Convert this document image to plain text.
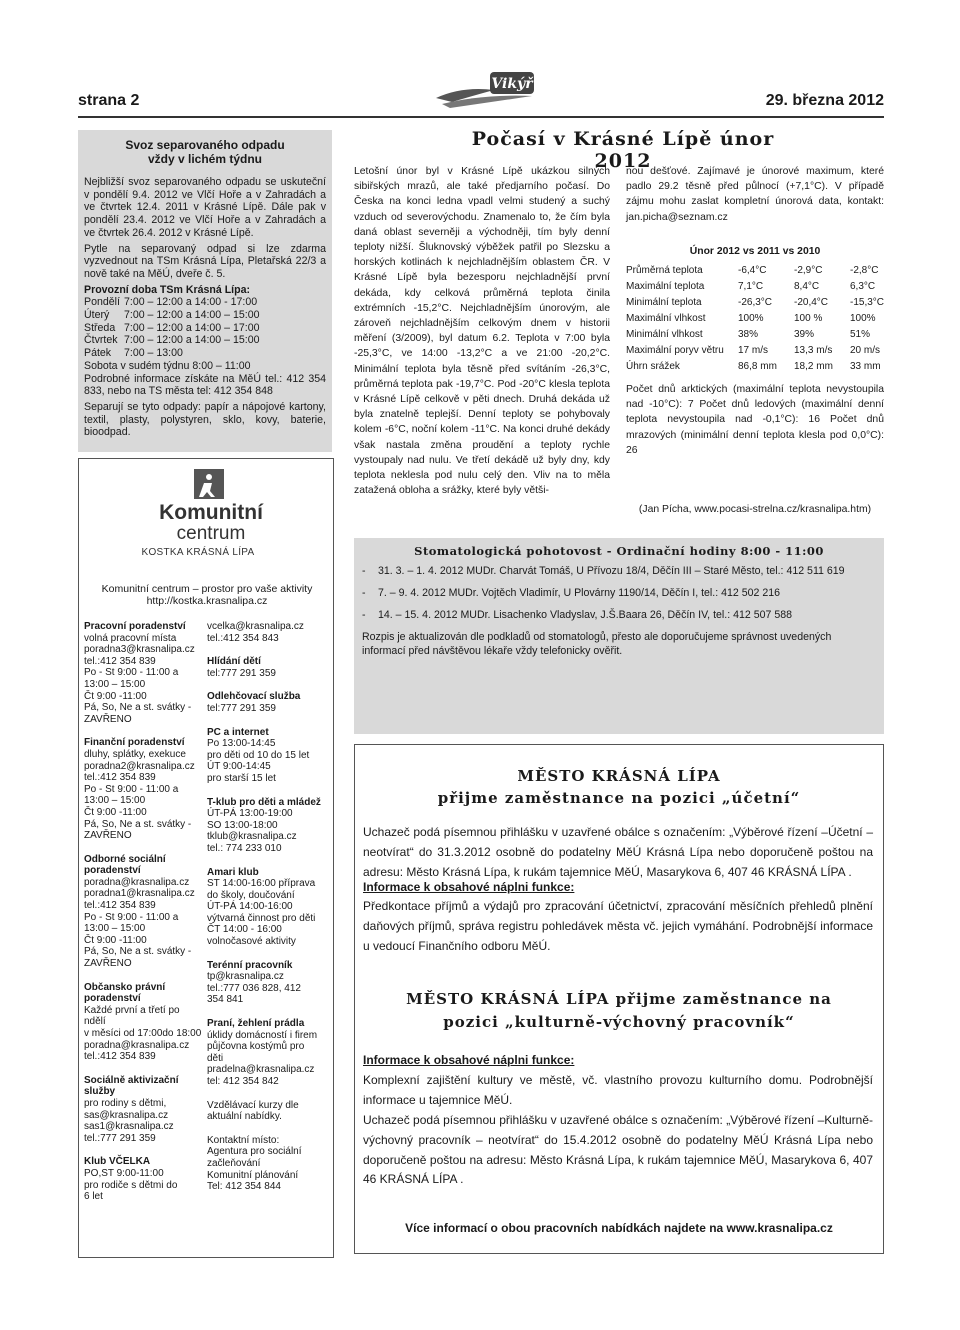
strana 2
Vikýř
29. března 2012
Svoz separovaného odpadu
vždy v lichém týdnu

Nejbližší svoz separovaného odpadu se uskuteční v pondělí 9.4. 2012 ve Vlčí Hoře a v Zahradách a ve čtvrtek 12.4. 2011 v Krásné Lípě. Dále pak v pondělí 23.4. 2012 ve Vlčí Hoře a v Zahradách a ve čtvrtek 26.4. 2012 v Krásné Lípě.

Pytle na separovaný odpad si lze zdarma vyzvednout na TSm Krásná Lípa, Pletařská 22/3 a nově také na MěÚ, dveře č. 5.

Provozní doba TSm Krásná Lípa:
Pondělí 7:00 – 12:00 a 14:00 - 17:00
Úterý	7:00 – 12:00 a 14:00 – 15:00
Středa 7:00 – 12:00 a 14:00 – 17:00
Čtvrtek 7:00 – 12:00 a 14:00 – 15:00
Pátek	7:00 – 13:00
Sobota v sudém týdnu 8:00 – 11:00

Podrobné informace získáte na MěÚ tel.: 412 354 833, nebo na TS města tel: 412 354 848

Separují se tyto odpady: papír a nápojové kartony, textil, plasty, polystyren, sklo, kovy, baterie, bioodpad.

Komunitní
centrum
KOSTKA KRÁSNÁ LÍPA
Komunitní centrum – prostor pro vaše aktivity
http://kostka.krasnalipa.cz
Pracovní poradenství
volná pracovní místa
poradna3@krasnalipa.cz
tel.:412 354 839
Po - St 9:00 - 11:00 a
13:00 – 15:00
Čt 9:00 -11:00
Pá, So, Ne a st. svátky -
ZAVŘENO
Finanční poradenství
dluhy, splátky, exekuce
poradna2@krasnalipa.cz
tel.:412 354 839
Po - St 9:00 - 11:00 a
13:00 – 15:00
Čt 9:00 -11:00
Pá, So, Ne a st. svátky -
ZAVŘENO
Odborné sociální poradenství
poradna@krasnalipa.cz
poradna1@krasnalipa.cz
tel.:412 354 839
Po - St 9:00 - 11:00 a
13:00 – 15:00
Čt 9:00 -11:00
Pá, So, Ne a st. svátky -
ZAVŘENO
Občansko právní poradenství
Každé první a třetí po
ndělí
v měsíci od 17:00do 18:00
poradna@krasnalipa.cz
tel.:412 354 839
Sociálně aktivizační služby
pro rodiny s dětmi,
sas@krasnalipa.cz
sas1@krasnalipa.cz
tel.:777 291 359
Klub VČELKA
PO,ST 9:00-11:00
pro rodiče s dětmi do
6 let
vcelka@krasnalipa.cz
tel.:412 354 843
Hlídání dětí
tel:777 291 359
Odlehčovací služba
tel:777 291 359
PC a internet
Po 13:00-14:45
pro děti od 10 do 15 let
ÚT 9:00-14:45
pro starší 15 let
T-klub pro děti a mládež
ÚT-PÁ 13:00-19:00
SO 13:00-18:00
tklub@krasnalipa.cz
tel.: 774 233 010
Amari klub
ST 14:00-16:00 příprava
do školy, doučování
ÚT-PÁ 14:00-16:00
výtvarná činnost pro děti
ČT 14:00 - 16:00
volnočasové aktivity
Terénní pracovník
tp@krasnalipa.cz
tel.:777 036 828, 412
354 841
Praní, žehlení prádla
úklidy domácností i firem
půjčovna kostýmů pro
děti
pradelna@krasnalipa.cz
tel: 412 354 842
Vzdělávací kurzy dle
aktuální nabídky.
Kontaktní místo:
Agentura pro sociální
začleňování
Komunitní plánování
Tel: 412 354 844
Počasí v Krásné Lípě únor 2012
Letošní únor byl v Krásné Lípě ukázkou silných sibiřských mrazů, ale také předjarního počasí. Do Česka na konci ledna vpadl velmi studený a suchý vzduch od severovýchodu. Znamenalo to, že čím byla daná oblast severněji a východněji, tím byly denní teploty nižší. Šluknovský výběžek patřil po Slezsku a horských kotlinách k nejchladnějším oblastem ČR. V Krásné Lípě byla bezesporu nejchladnější první dekáda, kdy celková průměrná teplota činila extrémních -15,2°C. Nejchladnějším únorovým, ale zároveň nejchladnějším celkovým dnem v historii měření (3/2009), byl datum 6.2. Teplota v 7:00 byla -25,3°C, ve 14:00 -13,2°C a ve 21:00 -20,2°C. Minimální teplota byla těsně před svítáním -26,3°C, průměrná teplota pak -19,7°C. Pod -20°C klesla teplota v Krásné Lípě celkově v pěti dnech. Druhá dekáda už byla znatelně teplejší. Denní teploty se pohybovaly kolem -6°C, noční kolem -11°C. Na konci druhé dekády však nastala změna proudění a teploty rychle vystoupaly nad nulu. Ve třetí dekádě už byly dny, kdy teplota neklesla pod nulu celý den. Vliv na to měla zatažená obloha a srážky, které byly větši-
nou dešťové. Zajímavé je únorové maximum, které padlo 29.2 těsně před půlnocí (+7,1°C). V případě zájmu mohu zaslat kompletní únorová data, kontakt: jan.picha@seznam.cz
Únor 2012 vs 2011 vs 2010
Průměrná teplota	-6,4°C	-2,9°C	-2,8°C
Maximální teplota	7,1°C	8,4°C	6,3°C
Minimální teplota	-26,3°C	-20,4°C	-15,3°C
Maximální vlhkost	100%	100 %	100%
Minimální vlhkost	38%	39%	51%
Maximální poryv větru	17 m/s	13,3 m/s	20 m/s
Úhrn srážek	86,8 mm	18,2 mm	33 mm
Počet dnů arktických (maximální teplota nevystoupila nad -10°C): 7 Počet dnů ledových (maximální denní teplota nevystoupila nad -0,1°C): 16 Počet dnů mrazových (minimální denní teplota klesla pod 0,0°C): 26
(Jan Pícha, www.pocasi-strelna.cz/krasnalipa.htm)
Stomatologická pohotovost - Ordinační hodiny 8:00 - 11:00
-	31. 3. – 1. 4. 2012 MUDr. Charvát Tomáš, U Přívozu 18/4, Děčín III – Staré Město, tel.: 412 511 619
-	7. – 9. 4. 2012 MUDr. Vojtěch Vladimír, U Plovárny 1190/14, Děčín I, tel.: 412 502 216
-	14. – 15. 4. 2012 MUDr. Lisachenko Vladyslav, J.Š.Baara 26, Děčín IV, tel.: 412 507 588
Rozpis je aktualizován dle podkladů od stomatologů, přesto ale doporučujeme správnost uvedených informací před návštěvou lékaře vždy telefonicky ověřit.
MĚSTO KRÁSNÁ LÍPA
přijme zaměstnance na pozici „účetní“
Uchazeč podá písemnou přihlášku v uzavřené obálce s označením: „Výběrové řízení –Účetní – neotvírat“ do 31.3.2012 osobně do podatelny MěÚ Krásná Lípa nebo doporučeně poštou na adresu: Město Krásná Lípa, k rukám tajemnice MěÚ, Masarykova 6, 407 46 KRÁSNÁ LÍPA .
Informace k obsahové náplni funkce:
Předkontace příjmů a výdajů pro zpracování účetnictví, zpracování měsíčních přehledů plnění daňových příjmů, správa registru pohledávek města vč. jejich vymáhání. Podrobnější informace u vedoucí Finančního odboru MěÚ.
MĚSTO KRÁSNÁ LÍPA přijme zaměstnance na
pozici „kulturně-výchovný pracovník“
Informace k obsahové náplni funkce:
Komplexní zajištění kultury ve městě, vč. vlastního provozu kulturního domu. Podrobnější informace u tajemnice MěÚ.
Uchazeč podá písemnou přihlášku v uzavřené obálce s označením: „Výběrové řízení –Kulturně-výchovný pracovník – neotvírat“ do 15.4.2012 osobně do podatelny MěÚ Krásná Lípa nebo doporučeně poštou na adresu: Město Krásná Lípa, k rukám tajemnice MěÚ, Masarykova 6, 407 46 KRÁSNÁ LÍPA .
Více informací o obou pracovních nabídkách najdete na www.krasnalipa.cz
